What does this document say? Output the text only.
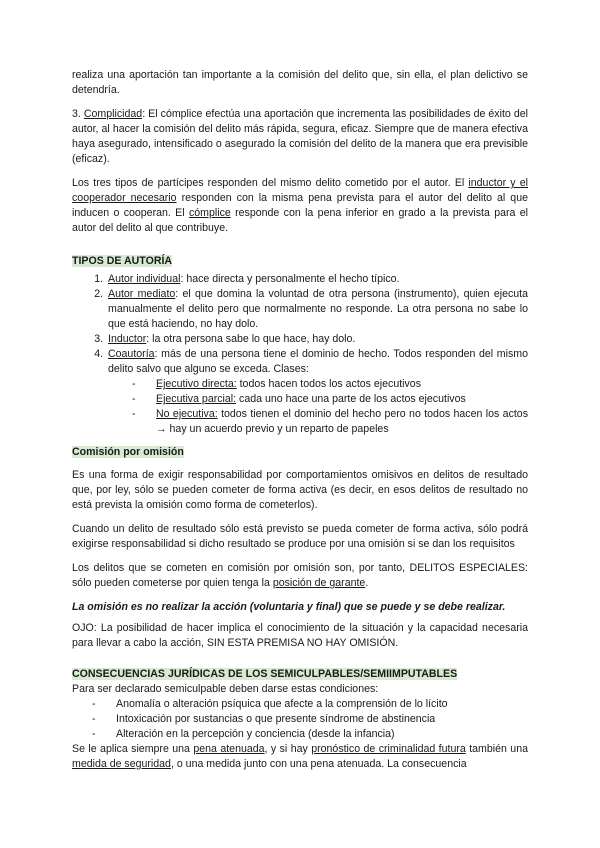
realiza una aportación tan importante a la comisión del delito que, sin ella, el plan delictivo se detendría.

3. Complicidad: El cómplice efectúa una aportación que incrementa las posibilidades de éxito del autor, al hacer la comisión del delito más rápida, segura, eficaz. Siempre que de manera efectiva haya asegurado, intensificado o asegurado la comisión del delito de la manera que era previsible (eficaz).

Los tres tipos de partícipes responden del mismo delito cometido por el autor. El inductor y el cooperador necesario responden con la misma pena prevista para el autor del delito al que inducen o cooperan. El cómplice responde con la pena inferior en grado a la prevista para el autor del delito al que contribuye.

TIPOS DE AUTORÍA
1. Autor individual: hace directa y personalmente el hecho típico.
2. Autor mediato: el que domina la voluntad de otra persona (instrumento), quien ejecuta manualmente el delito pero que normalmente no responde. La otra persona no sabe lo que está haciendo, no hay dolo.
3. Inductor: la otra persona sabe lo que hace, hay dolo.
4. Coautoría: más de una persona tiene el dominio de hecho. Todos responden del mismo delito salvo que alguno se exceda. Clases:
- Ejecutivo directa: todos hacen todos los actos ejecutivos
- Ejecutiva parcial: cada uno hace una parte de los actos ejecutivos
- No ejecutiva: todos tienen el dominio del hecho pero no todos hacen los actos → hay un acuerdo previo y un reparto de papeles
Comisión por omisión

Es una forma de exigir responsabilidad por comportamientos omisivos en delitos de resultado que, por ley, sólo se pueden cometer de forma activa (es decir, en esos delitos de resultado no está prevista la omisión como forma de cometerlos).

Cuando un delito de resultado sólo está previsto se pueda cometer de forma activa, sólo podrá exigirse responsabilidad si dicho resultado se produce por una omisión si se dan los requisitos

Los delitos que se cometen en comisión por omisión son, por tanto, DELITOS ESPECIALES: sólo pueden cometerse por quien tenga la posición de garante.

La omisión es no realizar la acción (voluntaria y final) que se puede y se debe realizar.

OJO: La posibilidad de hacer implica el conocimiento de la situación y la capacidad necesaria para llevar a cabo la acción, SIN ESTA PREMISA NO HAY OMISIÓN.

CONSECUENCIAS JURÍDICAS DE LOS SEMICULPABLES/SEMIIMPUTABLES
Para ser declarado semiculpable deben darse estas condiciones:
- Anomalía o alteración psíquica que afecte a la comprensión de lo lícito
- Intoxicación por sustancias o que presente síndrome de abstinencia
- Alteración en la percepción y conciencia (desde la infancia)

Se le aplica siempre una pena atenuada, y si hay pronóstico de criminalidad futura también una medida de seguridad, o una medida junto con una pena atenuada. La consecuencia
